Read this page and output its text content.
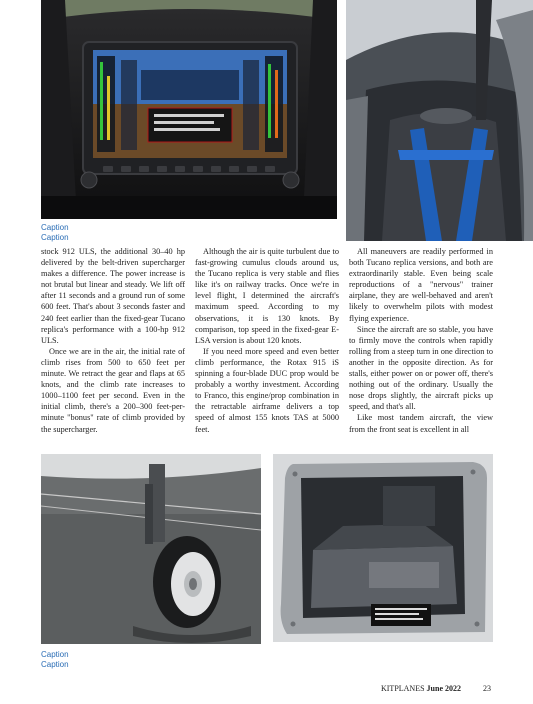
Caption
Caption

stock 912 ULS, the additional 30–40 hp delivered by the belt-driven supercharger makes a difference. The power increase is not brutal but linear and steady. We lift off after 11 seconds and a ground run of some 600 feet. That's about 3 seconds faster and 240 feet earlier than the fixed-gear Tucano replica's performance with a 100-hp 912 ULS.

Once we are in the air, the initial rate of climb rises from 500 to 650 feet per minute. We retract the gear and flaps at 65 knots, and the climb rate increases to 1000–1100 feet per second. Even in the initial climb, there's a 200–300 feet-per-minute "bonus" rate of climb provided by the supercharger.

Although the air is quite turbulent due to fast-growing cumulus clouds around us, the Tucano replica is very stable and flies like it's on railway tracks. Once we're in level flight, I determined the aircraft's maximum speed. According to my observations, it is 130 knots. By comparison, top speed in the fixed-gear E-LSA version is about 120 knots.

If you need more speed and even better climb performance, the Rotax 915 iS spinning a four-blade DUC prop would be probably a worthy investment. According to Franco, this engine/prop combination in the retractable airframe delivers a top speed of almost 155 knots TAS at 5000 feet.

All maneuvers are readily performed in both Tucano replica versions, and both are extraordinarily stable. Even being scale reproductions of a "nervous" trainer airplane, they are well-behaved and aren't likely to overwhelm pilots with modest flying experience.

Since the aircraft are so stable, you have to firmly move the controls when rapidly rolling from a steep turn in one direction to another in the opposite direction. As for stalls, either power on or power off, there's nothing out of the ordinary. Usually the nose drops slightly, the aircraft picks up speed, and that's all.

Like most tandem aircraft, the view from the front seat is excellent in all

Caption
Caption
KITPLANES June 2022	23
